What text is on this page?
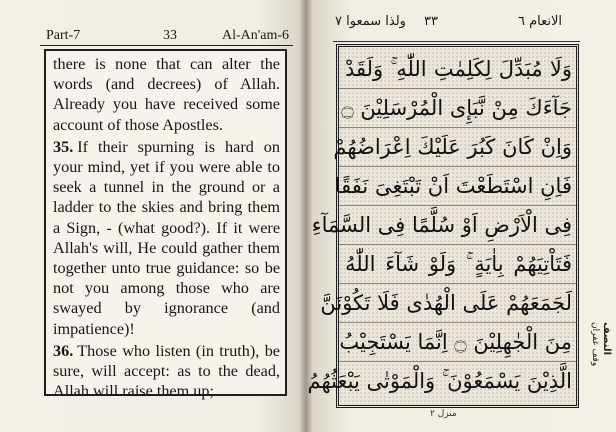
Part-7	33	Al-An'am-6

there is none that can alter the words (and decrees) of Allah. Already you have received some account of those Apostles.

35. If their spurning is hard on your mind, yet if you were able to seek a tunnel in the ground or a ladder to the skies and bring them a Sign, - (what good?). If it were Allah's will, He could gather them together unto true guidance: so be not you among those who are swayed by ignorance (and impatience)!

36. Those who listen (in truth), be sure, will accept: as to the dead, Allah will raise them up;

ولذا سمعوا ٧ ٣٣	الانعام ٦
وَلَا مُبَدِّلَ لِكَلِمٰتِ اللّٰهِ ۚ وَلَقَدْ
جَآءَكَ مِنْ نَّبَإِى الْمُرْسَلِيْنَ ۝
وَاِنْ كَانَ كَبُرَ عَلَيْكَ اِعْرَاضُهُمْ
فَاِنِ اسْتَطَعْتَ اَنْ تَبْتَغِىَ نَفَقًا
فِى الْاَرْضِ اَوْ سُلَّمًا فِى السَّمَآءِ
فَتَاْتِيَهُمْ بِاٰيَةٍ ۚ وَلَوْ شَآءَ اللّٰهُ
لَجَمَعَهُمْ عَلَى الْهُدٰى فَلَا تَكُوْنَنَّ
مِنَ الْجٰهِلِيْنَ ۝ اِنَّمَا يَسْتَجِيْبُ
الَّذِيْنَ يَسْمَعُوْنَ ۚ وَالْمَوْتٰى يَبْعَثُهُمُ
وقف غفران النصف
منزل ٢
